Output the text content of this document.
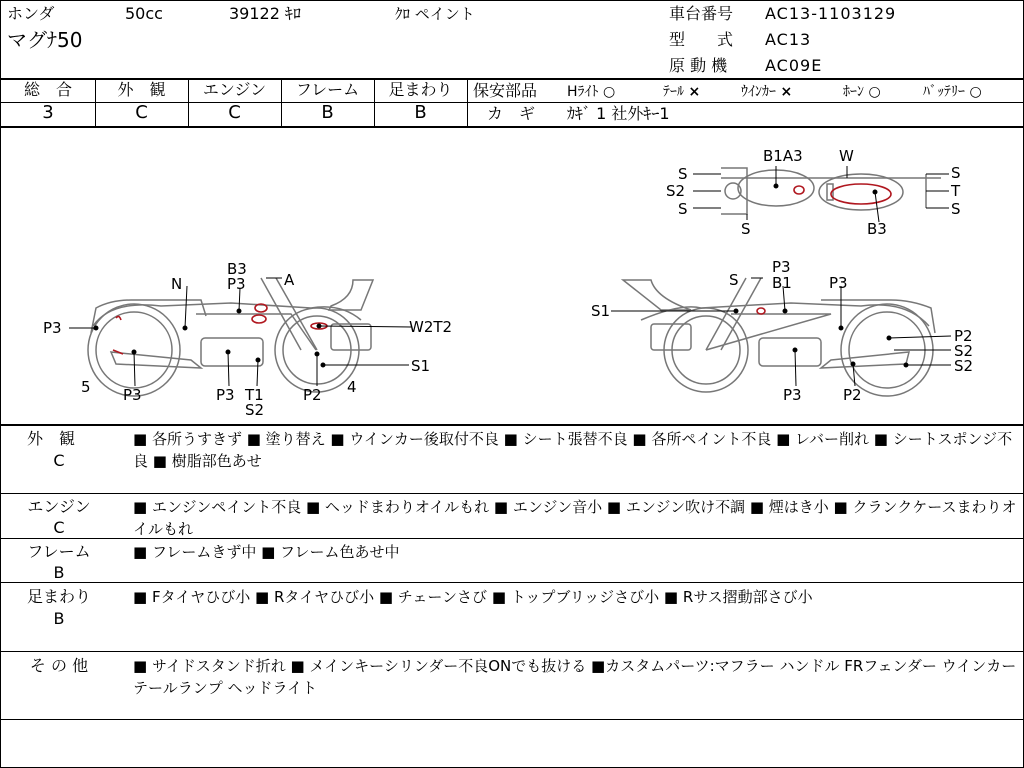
ホンダ	50cc	39122 ｷﾛ	ｸﾛ ペイント
マグﾅ50
車台番号 AC13-1103129
型　　式 AC13
原 動 機 AC09E
総　合
3
外　観
C
エンジン
C
フレーム
B
足まわり
B
保安部品 Hﾗｲﾄ ○	ﾃｰﾙ ×	ｳｲﾝｶｰ ×	ﾎｰﾝ ○	ﾊﾞｯﾃﾘｰ ○
カ　ギ ｶｷﾞ 1 社外ｷｰ1
B3
P3	A
N
P3	W2T2
S1
5 P3	P3 T1
S2
P2 4
S
P3
B1 P3
S1
P2
S2
S2
P3	P2
B1A3 W
S
S2
S
S	B3
S
T
S
外　観
C
■ 各所うすきず ■ 塗り替え ■ ウインカー後取付不良 ■ シート張替不良 ■ 各所ペイント不良 ■ レバー削れ ■ シートスポンジ不良 ■ 樹脂部色あせ
エンジン
C
■ エンジンペイント不良 ■ ヘッドまわりオイルもれ ■ エンジン音小 ■ エンジン吹け不調 ■ 煙はき小 ■ クランクケースまわりオイルもれ
フレーム
B
■ フレームきず中 ■ フレーム色あせ中
足まわり
B
■ Fタイヤひび小 ■ Rタイヤひび小 ■ チェーンさび ■ トップブリッジさび小 ■ Rサス摺動部さび小
そ の 他	■ サイドスタンド折れ ■ メインキーシリンダー不良ONでも抜ける ■カスタムパーツ:マフラー ハンドル FRフェンダー ウインカー テールランプ ヘッドライト
